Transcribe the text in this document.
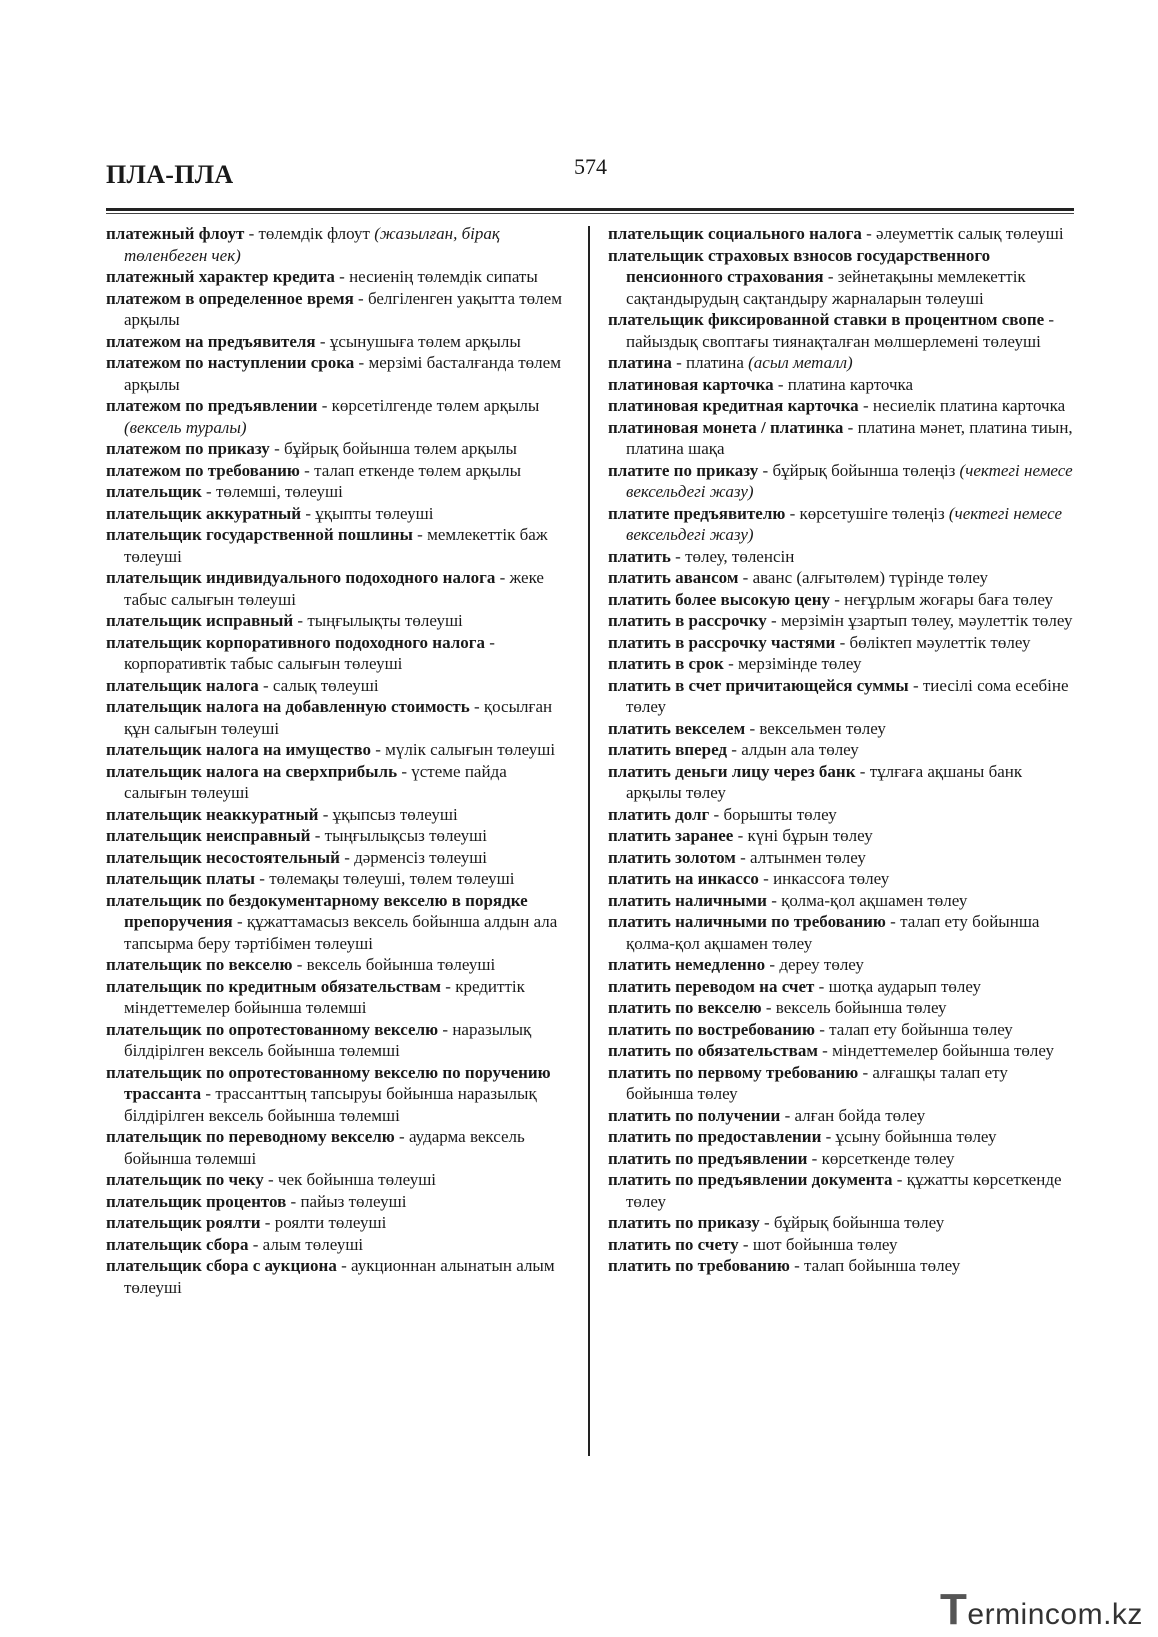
ПЛА-ПЛА	574

платежный флоут - төлемдік флоут (жазылған, бірақ төленбеген чек)

платежный характер кредита - несиенің төлемдік сипаты

платежом в определенное время - белгіленген уақытта төлем арқылы

платежом на предъявителя - ұсынушыға төлем арқылы

платежом по наступлении срока - мерзімі басталғанда төлем арқылы

платежом по предъявлении - көрсетілгенде төлем арқылы (вексель туралы)

платежом по приказу - бұйрық бойынша төлем арқылы

платежом по требованию - талап еткенде төлем арқылы

плательщик - төлемші, төлеуші

плательщик аккуратный - ұқыпты төлеуші

плательщик государственной пошлины - мемлекеттік баж төлеуші

плательщик индивидуального подоходного налога - жеке табыс салығын төлеуші

плательщик исправный - тыңғылықты төлеуші

плательщик корпоративного подоходного налога - корпоративтік табыс салығын төлеуші

плательщик налога - салық төлеуші

плательщик налога на добавленную стоимость - қосылған құн салығын төлеуші

плательщик налога на имущество - мүлік салығын төлеуші

плательщик налога на сверхприбыль - үстеме пайда салығын төлеуші

плательщик неаккуратный - ұқыпсыз төлеуші

плательщик неисправный - тыңғылықсыз төлеуші

плательщик несостоятельный - дәрменсіз төлеуші

плательщик платы - төлемақы төлеуші, төлем төлеуші

плательщик по бездокументарному векселю в порядке препоручения - құжаттамасыз вексель бойынша алдын ала тапсырма беру тәртібімен төлеуші

плательщик по векселю - вексель бойынша төлеуші

плательщик по кредитным обязательствам - кредиттік міндеттемелер бойынша төлемші

плательщик по опротестованному векселю - наразылық білдірілген вексель бойынша төлемші

плательщик по опротестованному векселю по поручению трассанта - трассанттың тапсыруы бойынша наразылық білдірілген вексель бойынша төлемші

плательщик по переводному векселю - аударма вексель бойынша төлемші

плательщик по чеку - чек бойынша төлеуші

плательщик процентов - пайыз төлеуші

плательщик роялти - роялти төлеуші

плательщик сбора - алым төлеуші

плательщик сбора с аукциона - аукционнан алынатын алым төлеуші

плательщик социального налога - әлеуметтік салық төлеуші

плательщик страховых взносов государственного пенсионного страхования - зейнетақыны мемлекеттік сақтандырудың сақтандыру жарналарын төлеуші

плательщик фиксированной ставки в процентном свопе - пайыздық своптағы тиянақталған мөлшерлемені төлеуші

платина - платина (асыл металл)

платиновая карточка - платина карточка

платиновая кредитная карточка - несиелік платина карточка

платиновая монета / платинка - платина мәнет, платина тиын, платина шақа

платите по приказу - бұйрық бойынша төлеңіз (чектегі немесе вексельдегі жазу)

платите предъявителю - көрсетушіге төлеңіз (чектегі немесе вексельдегі жазу)

платить - төлеу, төленсін

платить авансом - аванс (алғытөлем) түрінде төлеу

платить более высокую цену - неғұрлым жоғары баға төлеу

платить в рассрочку - мерзімін ұзартып төлеу, мәулеттік төлеу

платить в рассрочку частями - бөліктеп мәулеттік төлеу

платить в срок - мерзімінде төлеу

платить в счет причитающейся суммы - тиесілі сома есебіне төлеу

платить векселем - вексельмен төлеу

платить вперед - алдын ала төлеу

платить деньги лицу через банк - тұлғаға ақшаны банк арқылы төлеу

платить долг - борышты төлеу

платить заранее - күні бұрын төлеу

платить золотом - алтынмен төлеу

платить на инкассо - инкассоға төлеу

платить наличными - қолма-қол ақшамен төлеу

платить наличными по требованию - талап ету бойынша қолма-қол ақшамен төлеу

платить немедленно - дереу төлеу

платить переводом на счет - шотқа аударып төлеу

платить по векселю - вексель бойынша төлеу

платить по востребованию - талап ету бойынша төлеу

платить по обязательствам - міндеттемелер бойынша төлеу

платить по первому требованию - алғашқы талап ету бойынша төлеу

платить по получении - алған бойда төлеу

платить по предоставлении - ұсыну бойынша төлеу

платить по предъявлении - көрсеткенде төлеу

платить по предъявлении документа - құжатты көрсеткенде төлеу

платить по приказу - бұйрық бойынша төлеу

платить по счету - шот бойынша төлеу

платить по требованию - талап бойынша төлеу

Termincom.kz
